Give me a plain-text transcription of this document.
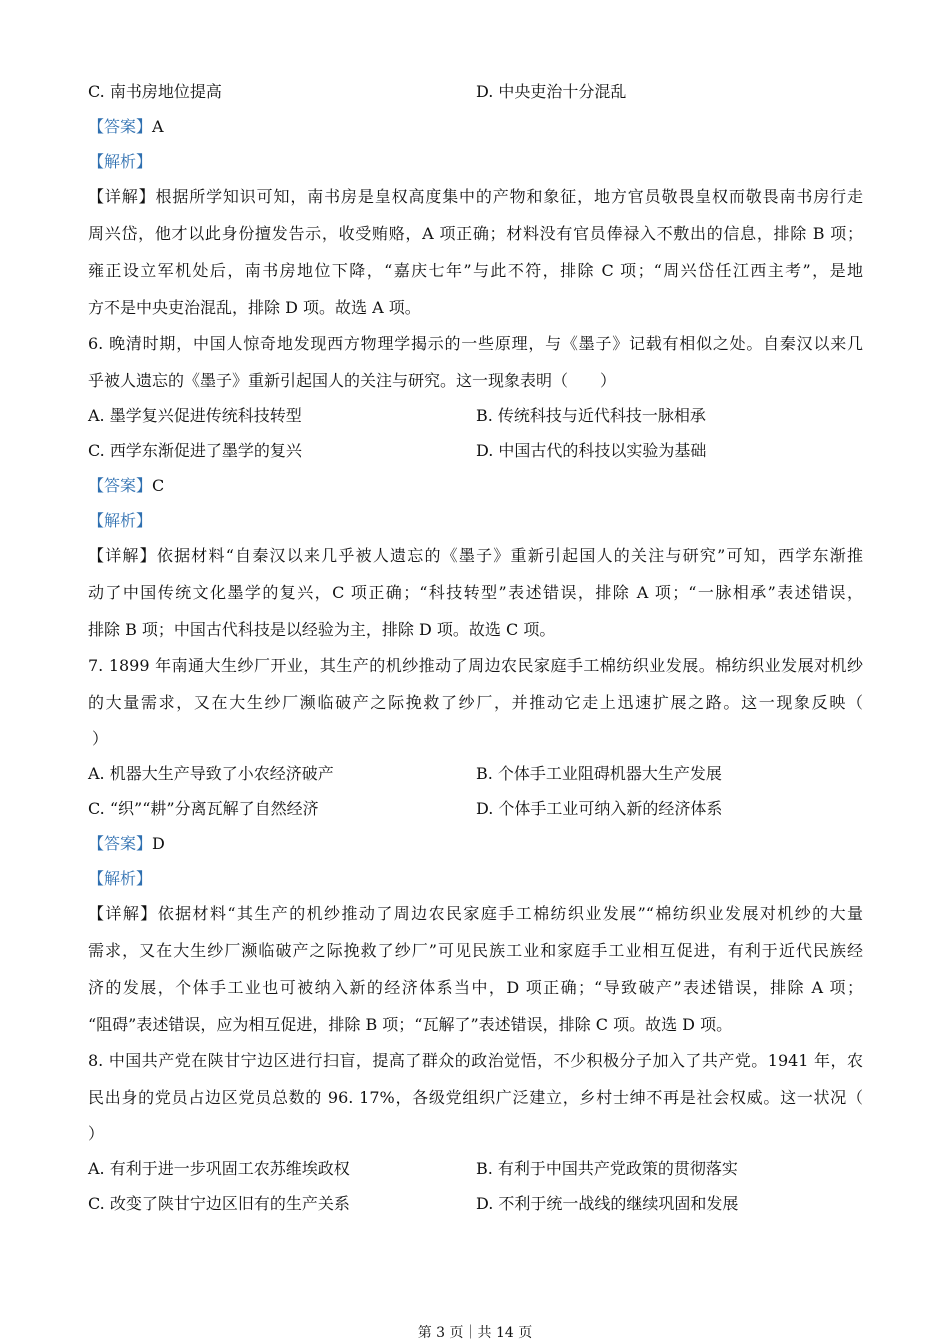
C. 南书房地位提高	D. 中央吏治十分混乱
【答案】A
【解析】
【详解】根据所学知识可知，南书房是皇权高度集中的产物和象征，地方官员敬畏皇权而敬畏南书房行走
周兴岱，他才以此身份擅发告示，收受贿赂，A 项正确；材料没有官员俸禄入不敷出的信息，排除 B 项；
雍正设立军机处后，南书房地位下降，“嘉庆七年”与此不符，排除 C 项；“周兴岱任江西主考”，是地
方不是中央吏治混乱，排除 D 项。故选 A 项。
6. 晚清时期，中国人惊奇地发现西方物理学揭示的一些原理，与《墨子》记载有相似之处。自秦汉以来几
乎被人遗忘的《墨子》重新引起国人的关注与研究。这一现象表明（　　）
A. 墨学复兴促进传统科技转型	B. 传统科技与近代科技一脉相承
C. 西学东渐促进了墨学的复兴	D. 中国古代的科技以实验为基础
【答案】C
【解析】
【详解】依据材料“自秦汉以来几乎被人遗忘的《墨子》重新引起国人的关注与研究”可知，西学东渐推
动了中国传统文化墨学的复兴，C 项正确；“科技转型”表述错误，排除 A 项；“一脉相承”表述错误，
排除 B 项；中国古代科技是以经验为主，排除 D 项。故选 C 项。
7. 1899 年南通大生纱厂开业，其生产的机纱推动了周边农民家庭手工棉纺织业发展。棉纺织业发展对机纱
的大量需求，又在大生纱厂濒临破产之际挽救了纱厂，并推动它走上迅速扩展之路。这一现象反映（
）
A. 机器大生产导致了小农经济破产	B. 个体手工业阻碍机器大生产发展
C. “织”“耕”分离瓦解了自然经济	D. 个体手工业可纳入新的经济体系
【答案】D
【解析】
【详解】依据材料“其生产的机纱推动了周边农民家庭手工棉纺织业发展”“棉纺织业发展对机纱的大量
需求，又在大生纱厂濒临破产之际挽救了纱厂”可见民族工业和家庭手工业相互促进，有利于近代民族经
济的发展，个体手工业也可被纳入新的经济体系当中，D 项正确；“导致破产”表述错误，排除 A 项；
“阻碍”表述错误，应为相互促进，排除 B 项；“瓦解了”表述错误，排除 C 项。故选 D 项。
8. 中国共产党在陕甘宁边区进行扫盲，提高了群众的政治觉悟，不少积极分子加入了共产党。1941 年，农
民出身的党员占边区党员总数的 96. 17%，各级党组织广泛建立，乡村士绅不再是社会权威。这一状况（
）
A. 有利于进一步巩固工农苏维埃政权	B. 有利于中国共产党政策的贯彻落实
C. 改变了陕甘宁边区旧有的生产关系	D. 不利于统一战线的继续巩固和发展
第 3 页｜共 14 页
